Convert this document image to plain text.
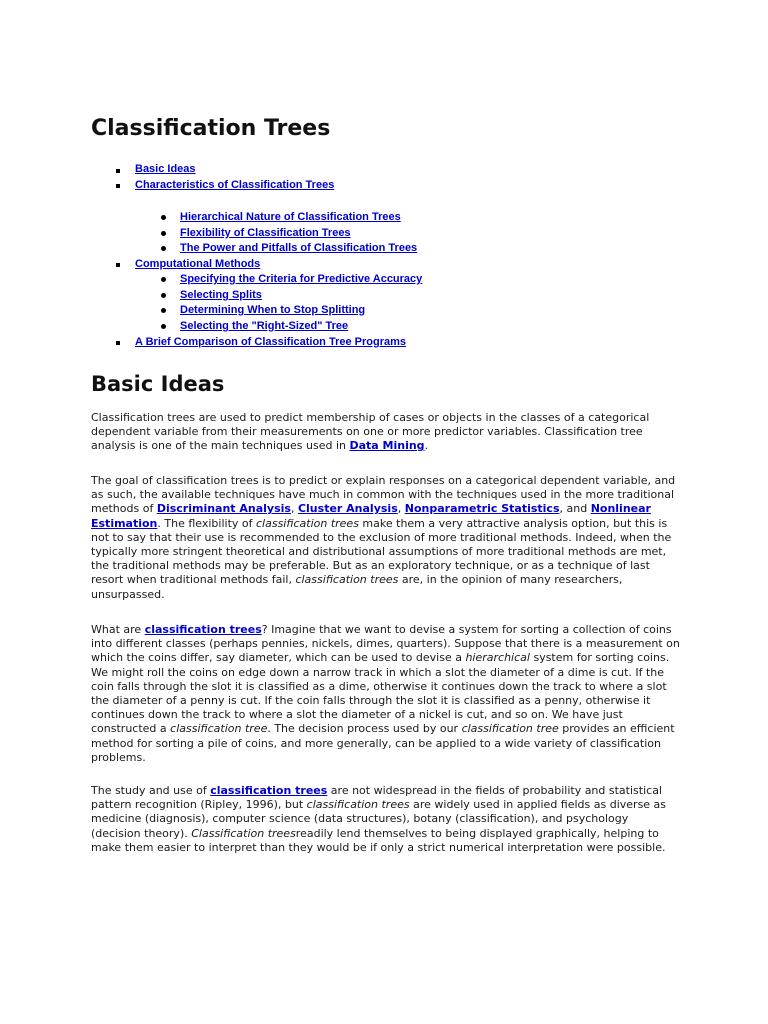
Classification Trees
Basic Ideas
Characteristics of Classification Trees
Hierarchical Nature of Classification Trees
Flexibility of Classification Trees
The Power and Pitfalls of Classification Trees
Computational Methods
Specifying the Criteria for Predictive Accuracy
Selecting Splits
Determining When to Stop Splitting
Selecting the "Right-Sized" Tree
A Brief Comparison of Classification Tree Programs
Basic Ideas

Classification trees are used to predict membership of cases or objects in the classes of a categorical dependent variable from their measurements on one or more predictor variables. Classification tree analysis is one of the main techniques used in Data Mining.

The goal of classification trees is to predict or explain responses on a categorical dependent variable, and as such, the available techniques have much in common with the techniques used in the more traditional methods of Discriminant Analysis, Cluster Analysis, Nonparametric Statistics, and Nonlinear Estimation. The flexibility of classification trees make them a very attractive analysis option, but this is not to say that their use is recommended to the exclusion of more traditional methods. Indeed, when the typically more stringent theoretical and distributional assumptions of more traditional methods are met, the traditional methods may be preferable. But as an exploratory technique, or as a technique of last resort when traditional methods fail, classification trees are, in the opinion of many researchers, unsurpassed.

What are classification trees? Imagine that we want to devise a system for sorting a collection of coins into different classes (perhaps pennies, nickels, dimes, quarters). Suppose that there is a measurement on which the coins differ, say diameter, which can be used to devise a hierarchical system for sorting coins. We might roll the coins on edge down a narrow track in which a slot the diameter of a dime is cut. If the coin falls through the slot it is classified as a dime, otherwise it continues down the track to where a slot the diameter of a penny is cut. If the coin falls through the slot it is classified as a penny, otherwise it continues down the track to where a slot the diameter of a nickel is cut, and so on. We have just constructed a classification tree. The decision process used by our classification tree provides an efficient method for sorting a pile of coins, and more generally, can be applied to a wide variety of classification problems.

The study and use of classification trees are not widespread in the fields of probability and statistical pattern recognition (Ripley, 1996), but classification trees are widely used in applied fields as diverse as medicine (diagnosis), computer science (data structures), botany (classification), and psychology (decision theory). Classification treesreadily lend themselves to being displayed graphically, helping to make them easier to interpret than they would be if only a strict numerical interpretation were possible.
